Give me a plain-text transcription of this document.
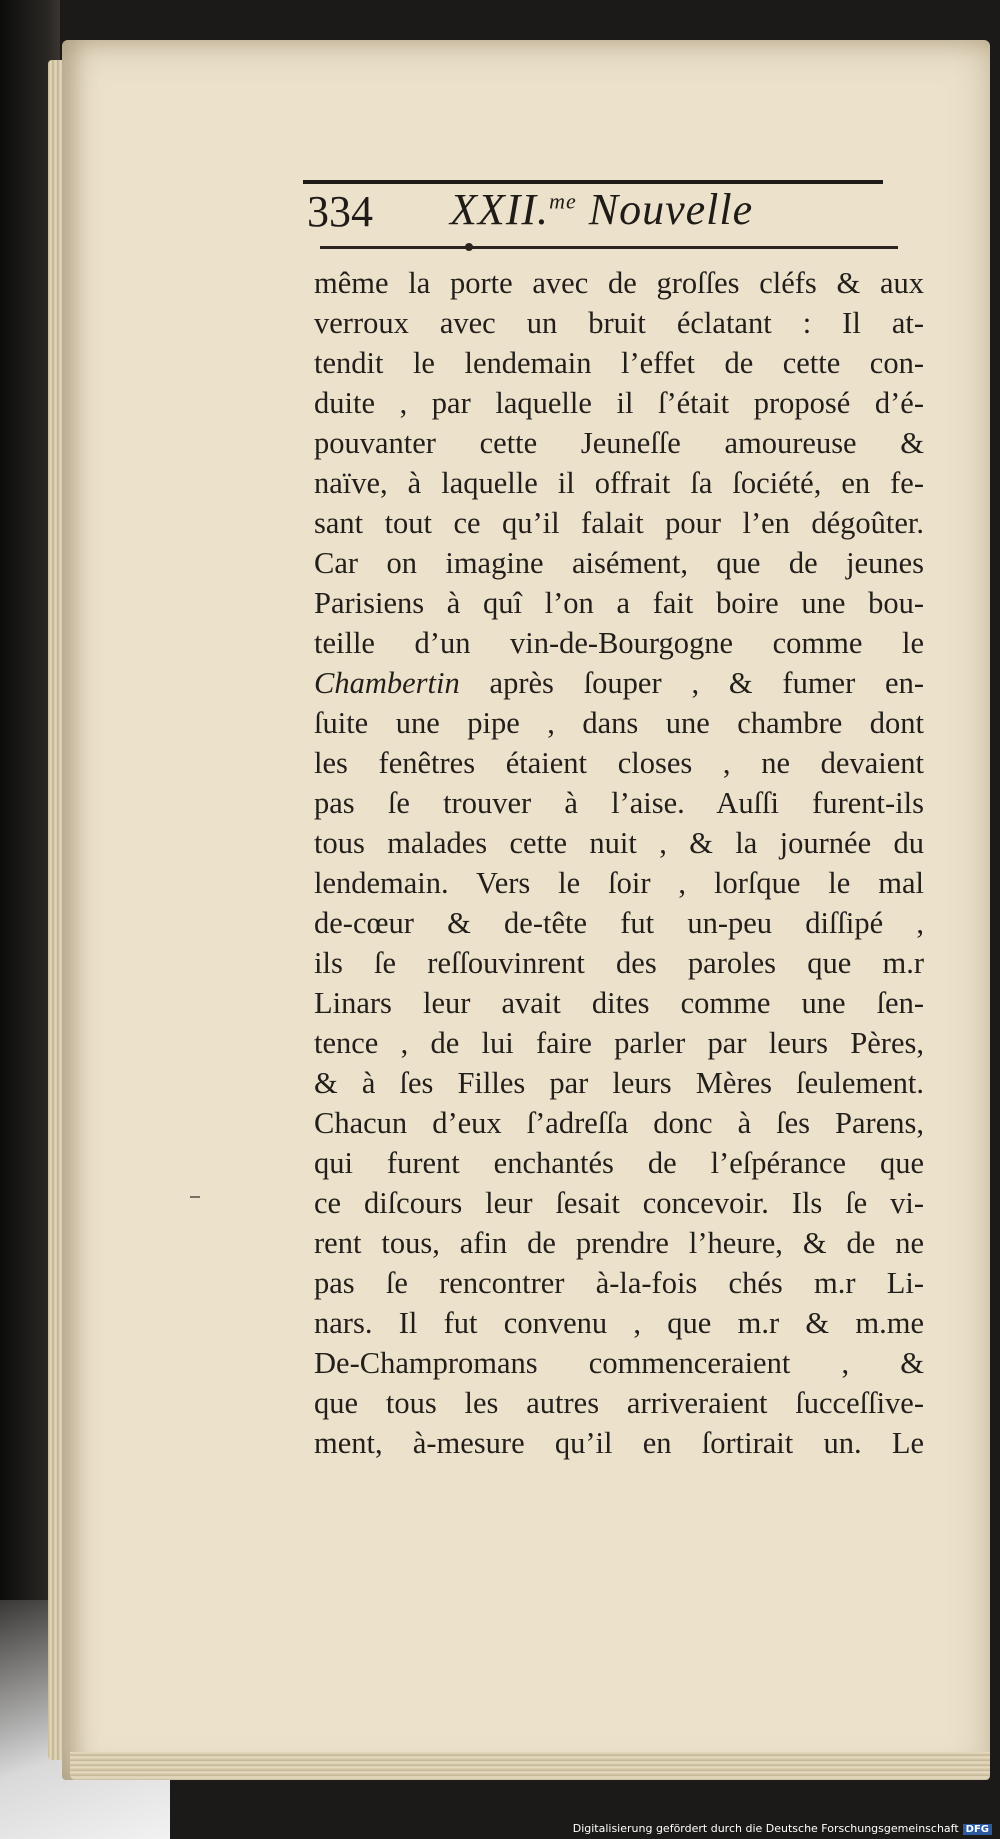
334 XXII.$^{me}$ Nouvelle
même la porte avec de groſſes cléfs & aux
verroux avec un bruit éclatant : Il at-
tendit le lendemain l’effet de cette con-
duite , par laquelle il ſ’était proposé d’é-
pouvanter cette Jeuneſſe amoureuse &
naïve, à laquelle il offrait ſa ſociété, en fe-
sant tout ce qu’il falait pour l’en dégoûter.
Car on imagine aisément, que de jeunes
Parisiens à quî l’on a fait boire une bou-
teille d’un vin-de-Bourgogne comme le
Chambertin après ſouper , & fumer en-
ſuite une pipe , dans une chambre dont
les fenêtres étaient closes , ne devaient
pas ſe trouver à l’aise. Auſſi furent-ils
tous malades cette nuit , & la journée du
lendemain. Vers le ſoir , lorſque le mal
de-cœur & de-tête fut un-peu diſſipé ,
ils ſe reſſouvinrent des paroles que m.r
Linars leur avait dites comme une ſen-
tence , de lui faire parler par leurs Pères,
& à ſes Filles par leurs Mères ſeulement.
Chacun d’eux ſ’adreſſa donc à ſes Parens,
qui furent enchantés de l’eſpérance que
ce diſcours leur ſesait concevoir. Ils ſe vi-
rent tous, afin de prendre l’heure, & de ne
pas ſe rencontrer à-la-fois chés m.r Li-
nars. Il fut convenu , que m.r & m.me
De-Champromans commenceraient , &
que tous les autres arriveraient ſucceſſive-
ment, à-mesure qu’il en ſortirait un. Le
Digitalisierung gefördert durch die Deutsche Forschungsgemeinschaft DFG
